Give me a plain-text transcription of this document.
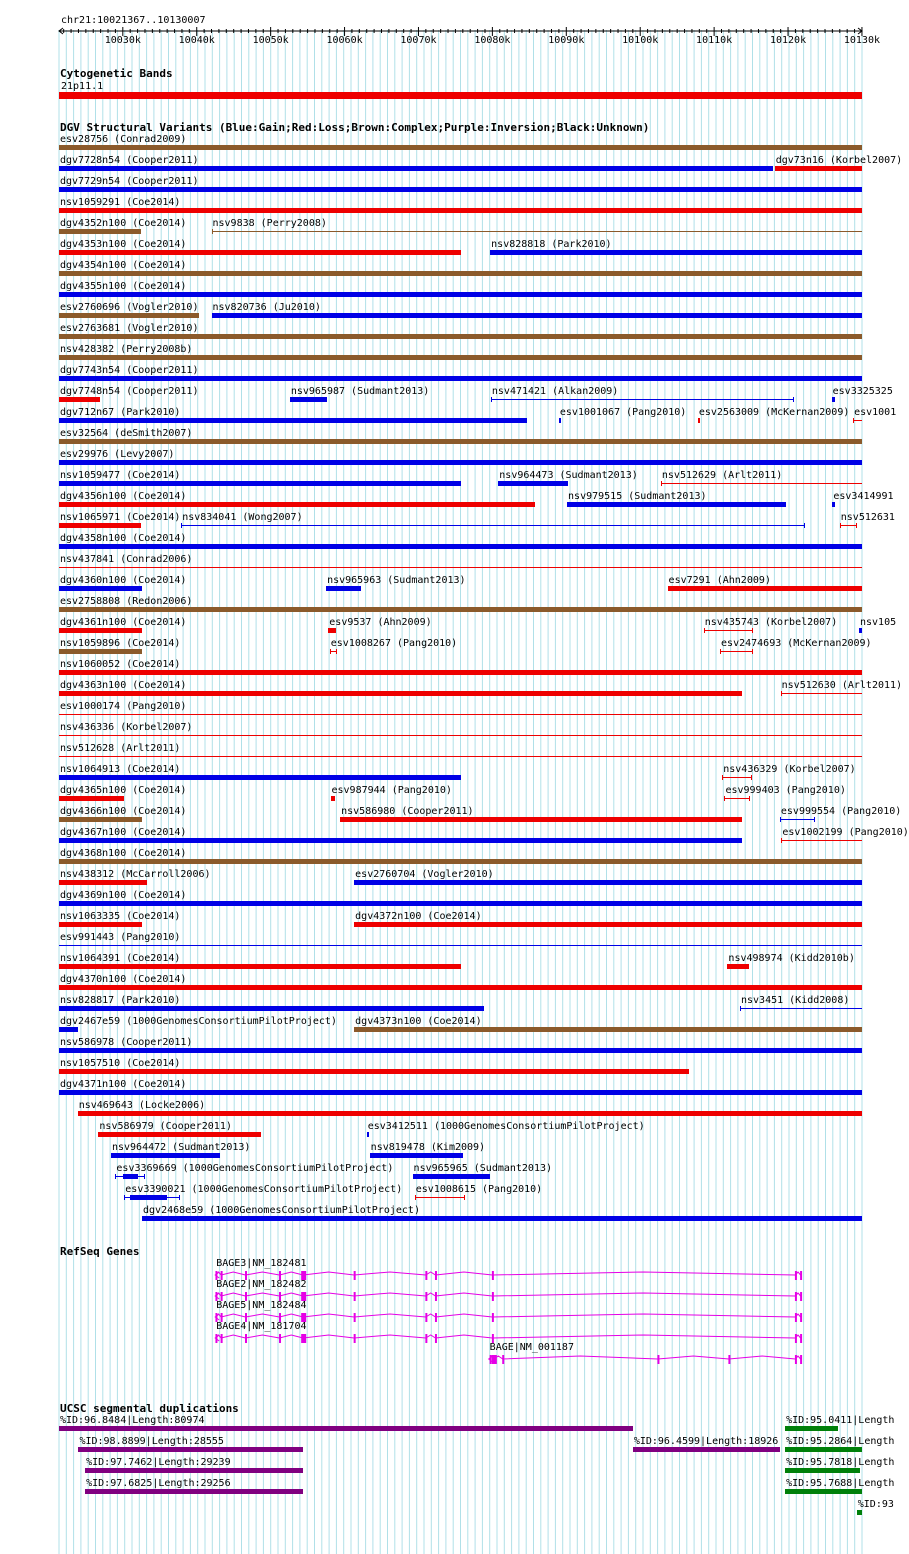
chr21:10021367..10130007
Cytogenetic Bands
21p11.1
DGV Structural Variants (Blue:Gain;Red:Loss;Brown:Complex;Purple:Inversion;Black:Unknown)
esv28756 (Conrad2009)
dgv7728n54 (Cooper2011)	dgv73n16 (Korbel2007)
dgv7729n54 (Cooper2011)
nsv1059291 (Coe2014)
dgv4352n100 (Coe2014)	nsv9838 (Perry2008)
dgv4353n100 (Coe2014)	nsv828818 (Park2010)
dgv4354n100 (Coe2014)
dgv4355n100 (Coe2014)
esv2760696 (Vogler2010) nsv820736 (Ju2010)
esv2763681 (Vogler2010)
nsv428382 (Perry2008b)
dgv7743n54 (Cooper2011)
dgv7748n54 (Cooper2011)	nsv965987 (Sudmant2013)	nsv471421 (Alkan2009)	esv3325325
dgv712n67 (Park2010)	esv1001067 (Pang2010) esv2563009 (McKernan2009) esv1001
esv32564 (deSmith2007)
esv29976 (Levy2007)
nsv1059477 (Coe2014)	nsv964473 (Sudmant2013) nsv512629 (Arlt2011)
dgv4356n100 (Coe2014)	nsv979515 (Sudmant2013)	esv3414991
nsv1065971 (Coe2014) nsv834041 (Wong2007)	nsv512631
dgv4358n100 (Coe2014)
nsv437841 (Conrad2006)
dgv4360n100 (Coe2014)	nsv965963 (Sudmant2013)	esv7291 (Ahn2009)
esv2758808 (Redon2006)
dgv4361n100 (Coe2014)	esv9537 (Ahn2009)	nsv435743 (Korbel2007) nsv105
nsv1059896 (Coe2014)	esv1008267 (Pang2010)	esv2474693 (McKernan2009)
nsv1060052 (Coe2014)
dgv4363n100 (Coe2014)	nsv512630 (Arlt2011)
esv1000174 (Pang2010)
nsv436336 (Korbel2007)
nsv512628 (Arlt2011)
nsv1064913 (Coe2014)	nsv436329 (Korbel2007)
dgv4365n100 (Coe2014)	esv987944 (Pang2010)	esv999403 (Pang2010)
dgv4366n100 (Coe2014)	nsv586980 (Cooper2011)	esv999554 (Pang2010)
dgv4367n100 (Coe2014)	esv1002199 (Pang2010)
dgv4368n100 (Coe2014)
nsv438312 (McCarroll2006)	esv2760704 (Vogler2010)
dgv4369n100 (Coe2014)
nsv1063335 (Coe2014)	dgv4372n100 (Coe2014)
esv991443 (Pang2010)
nsv1064391 (Coe2014)	nsv498974 (Kidd2010b)
dgv4370n100 (Coe2014)
nsv828817 (Park2010)	nsv3451 (Kidd2008)
dgv2467e59 (1000GenomesConsortiumPilotProject) dgv4373n100 (Coe2014)
nsv586978 (Cooper2011)
nsv1057510 (Coe2014)
dgv4371n100 (Coe2014)
nsv469643 (Locke2006)
nsv586979 (Cooper2011)	esv3412511 (1000GenomesConsortiumPilotProject)
nsv964472 (Sudmant2013)	nsv819478 (Kim2009)
esv3369669 (1000GenomesConsortiumPilotProject) nsv965965 (Sudmant2013)
esv3390021 (1000GenomesConsortiumPilotProject) esv1008615 (Pang2010)
dgv2468e59 (1000GenomesConsortiumPilotProject)
RefSeq Genes
BAGE3|NM_182481
BAGE2|NM_182482
BAGE5|NM_182484
BAGE4|NM_181704
BAGE|NM_001187
UCSC segmental duplications
%ID:96.8484|Length:80974	%ID:95.0411|Length
%ID:98.8899|Length:28555	%ID:96.4599|Length:18926 %ID:95.2864|Length
%ID:97.7462|Length:29239	%ID:95.7818|Length
%ID:97.6825|Length:29256	%ID:95.7688|Length
%ID:93
10030k	10040k	10050k	10060k	10070k	10080k	10090k	10100k	10110k	10120k	10130k
